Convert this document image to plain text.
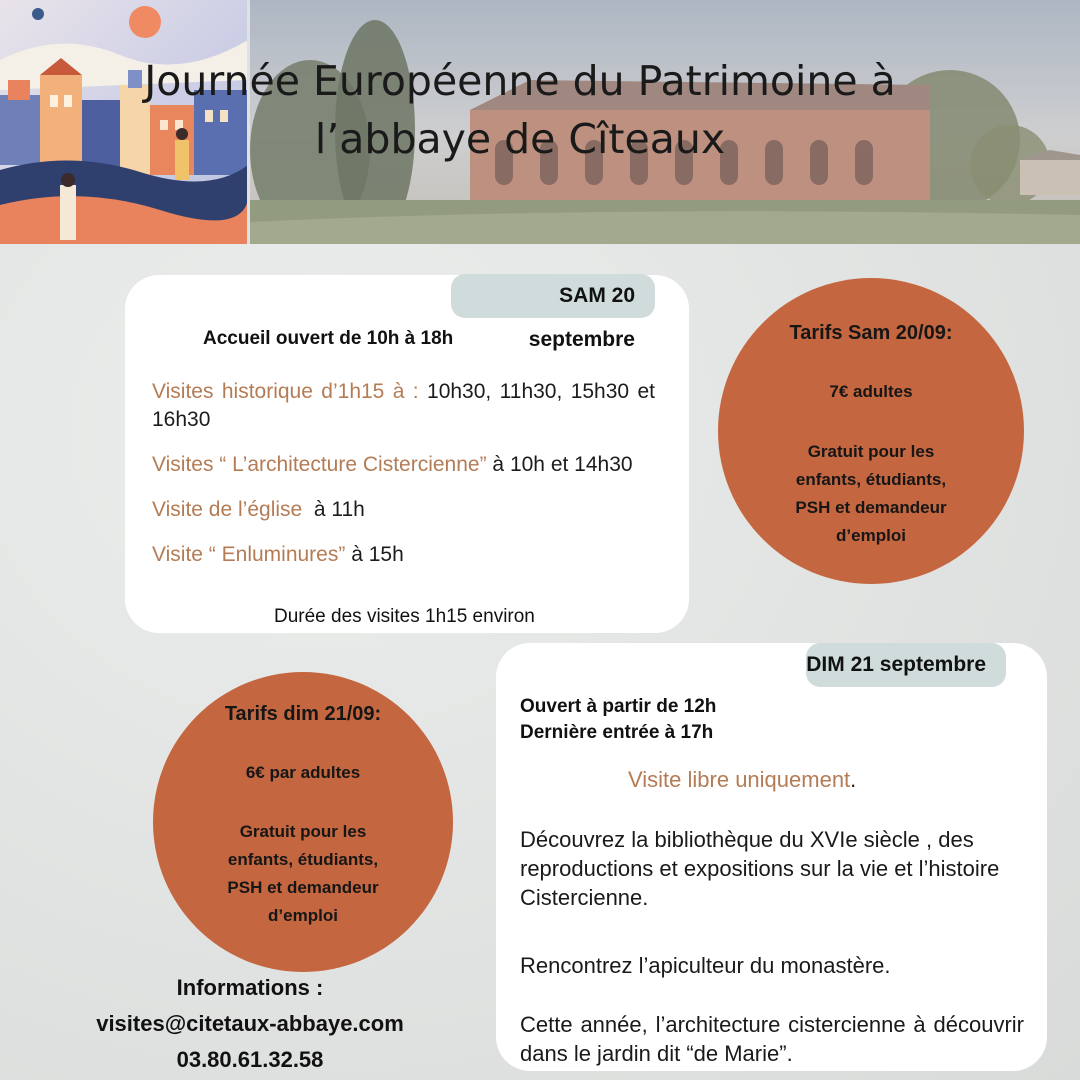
Journée Européenne du Patrimoine à
l’abbaye de Cîteaux
SAM 20 septembre
Accueil ouvert de 10h à 18h
Visites historique d’1h15 à : 10h30, 11h30, 15h30 et 16h30
Visites “ L’architecture Cistercienne” à 10h et 14h30
Visite de l’église  à 11h
Visite “ Enluminures” à 15h
Durée des visites 1h15 environ
Tarifs Sam 20/09:
7€ adultes
Gratuit pour les
enfants, étudiants,
PSH et demandeur
d’emploi
DIM 21 septembre
Ouvert à partir de 12h
Dernière entrée à 17h
Visite libre uniquement.

Découvrez la bibliothèque du XVIe siècle , des reproductions et expositions sur la vie et l’histoire Cistercienne.

Rencontrez l’apiculteur du monastère.

Cette année, l’architecture cistercienne à découvrir dans le jardin dit “de Marie”.

Tarifs dim 21/09:
6€ par adultes
Gratuit pour les
enfants, étudiants,
PSH et demandeur
d’emploi
Informations :
visites@citetaux-abbaye.com
03.80.61.32.58
